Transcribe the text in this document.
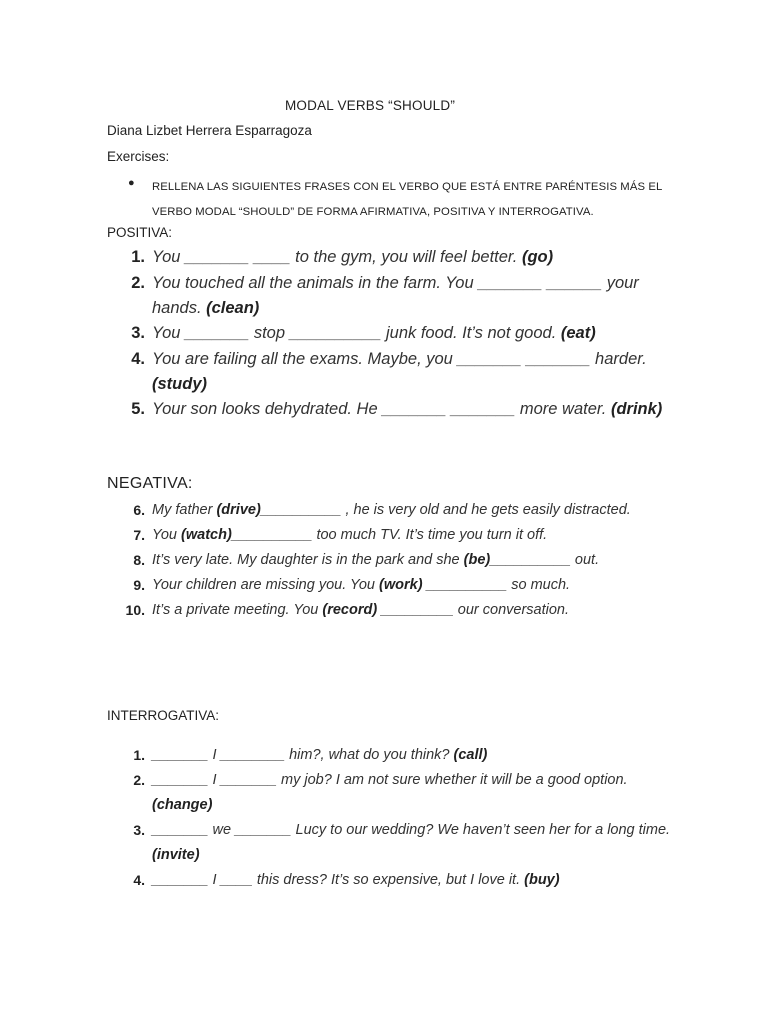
MODAL VERBS “SHOULD”
Diana Lizbet Herrera Esparragoza
Exercises:
● RELLENA LAS SIGUIENTES FRASES CON EL VERBO QUE ESTÁ ENTRE PARÉNTESIS MÁS EL VERBO MODAL “SHOULD” DE FORMA AFIRMATIVA, POSITIVA Y INTERROGATIVA.
POSITIVA:
1. You _______ ____ to the gym, you will feel better. (go)
2. You touched all the animals in the farm. You _______ ______ your hands. (clean)
3. You _______ stop __________ junk food. It’s not good. (eat)
4. You are failing all the exams. Maybe, you _______ _______ harder. (study)
5. Your son looks dehydrated. He _______ _______ more water. (drink)
NEGATIVA:
6. My father (drive)__________ , he is very old and he gets easily distracted.
7. You (watch)__________ too much TV. It’s time you turn it off.
8. It’s very late. My daughter is in the park and she (be)__________ out.
9. Your children are missing you. You (work) __________ so much.
10. It’s a private meeting. You (record) _________ our conversation.
INTERROGATIVA:
1. _______ I ________ him?, what do you think? (call)
2. _______ I _______ my job? I am not sure whether it will be a good option. (change)
3. _______ we _______ Lucy to our wedding? We haven’t seen her for a long time. (invite)
4. _______ I ____ this dress? It’s so expensive, but I love it. (buy)
